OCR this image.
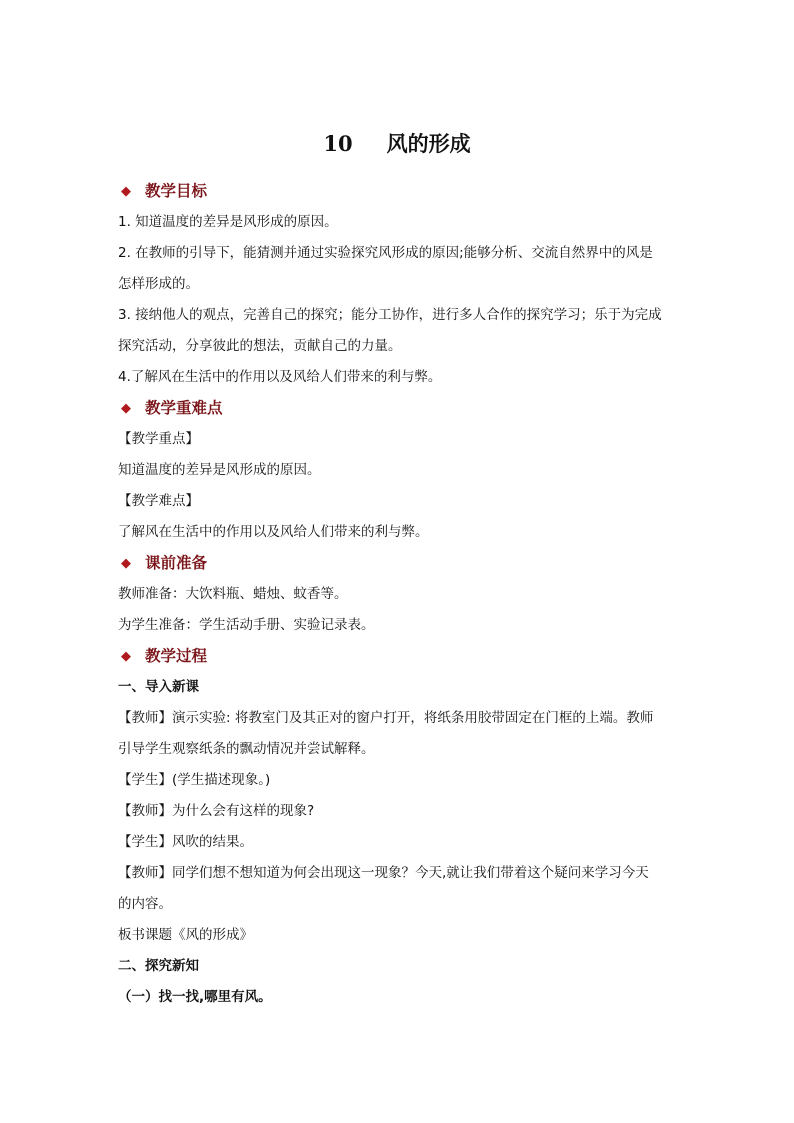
10 风的形成
◆ 教学目标
1. 知道温度的差异是风形成的原因。
2. 在教师的引导下，能猜测并通过实验探究风形成的原因;能够分析、交流自然界中的风是
怎样形成的。
3. 接纳他人的观点，完善自己的探究；能分工协作，进行多人合作的探究学习；乐于为完成
探究活动，分享彼此的想法，贡献自己的力量。
4.了解风在生活中的作用以及风给人们带来的利与弊。
◆ 教学重难点
【教学重点】
知道温度的差异是风形成的原因。
【教学难点】
了解风在生活中的作用以及风给人们带来的利与弊。
◆ 课前准备
教师准备：大饮料瓶、蜡烛、蚊香等。
为学生准备：学生活动手册、实验记录表。
◆ 教学过程
一、导入新课
【教师】演示实验: 将教室门及其正对的窗户打开，将纸条用胶带固定在门框的上端。教师
引导学生观察纸条的飘动情况并尝试解释。
【学生】(学生描述现象。)
【教师】为什么会有这样的现象?
【学生】风吹的结果。
【教师】同学们想不想知道为何会出现这一现象？今天,就让我们带着这个疑问来学习今天
的内容。
板书课题《风的形成》
二、探究新知
（一）找一找,哪里有风。
